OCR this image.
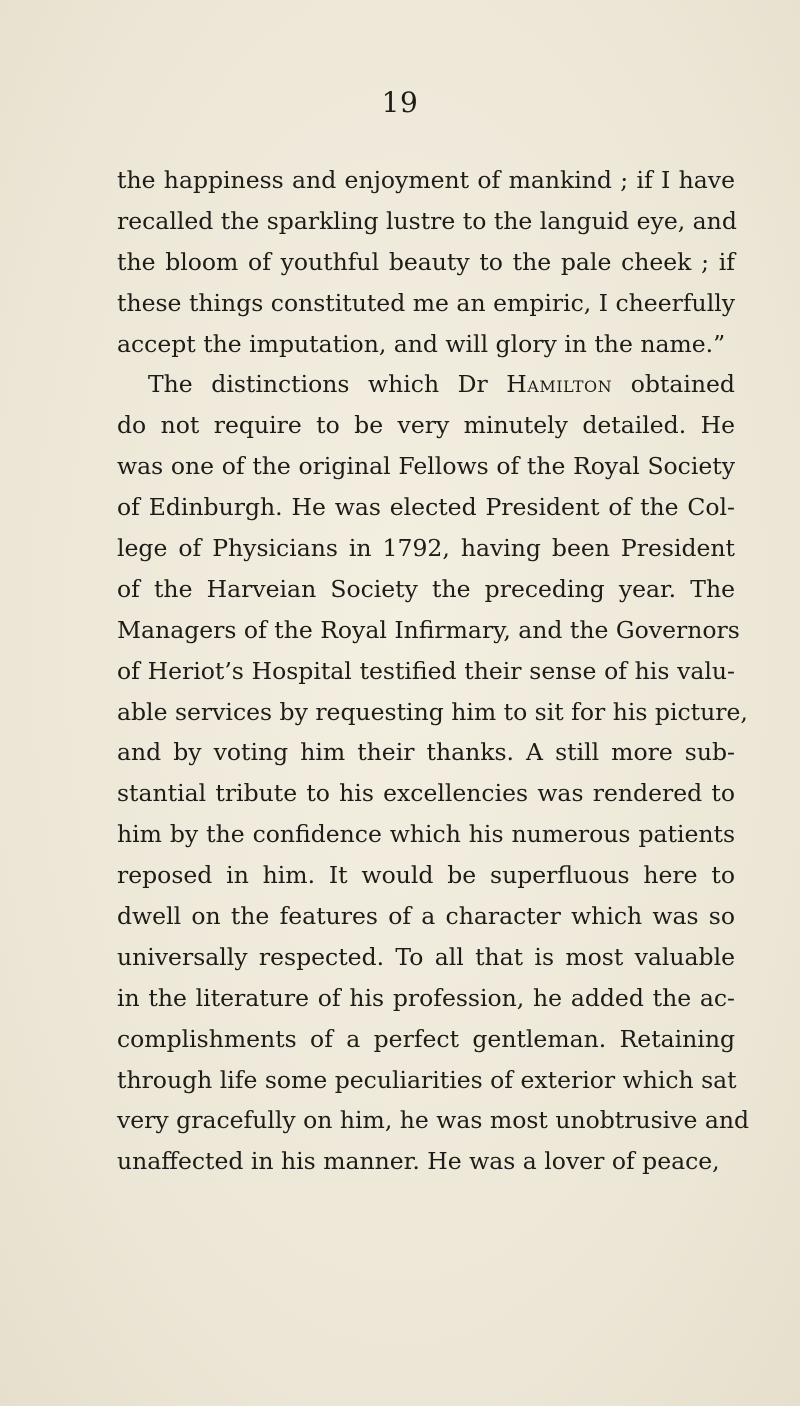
19
the happiness and enjoyment of mankind ; if I have
recalled the sparkling lustre to the languid eye, and
the bloom of youthful beauty to the pale cheek ; if
these things constituted me an empiric, I cheerfully
accept the imputation, and will glory in the name.”
The distinctions which Dr Hamilton obtained
do not require to be very minutely detailed. He
was one of the original Fellows of the Royal Society
of Edinburgh. He was elected President of the Col-
lege of Physicians in 1792, having been President
of the Harveian Society the preceding year. The
Managers of the Royal Infirmary, and the Governors
of Heriot’s Hospital testified their sense of his valu-
able services by requesting him to sit for his picture,
and by voting him their thanks. A still more sub-
stantial tribute to his excellencies was rendered to
him by the confidence which his numerous patients
reposed in him. It would be superfluous here to
dwell on the features of a character which was so
universally respected. To all that is most valuable
in the literature of his profession, he added the ac-
complishments of a perfect gentleman. Retaining
through life some peculiarities of exterior which sat
very gracefully on him, he was most unobtrusive and
unaffected in his manner. He was a lover of peace,
